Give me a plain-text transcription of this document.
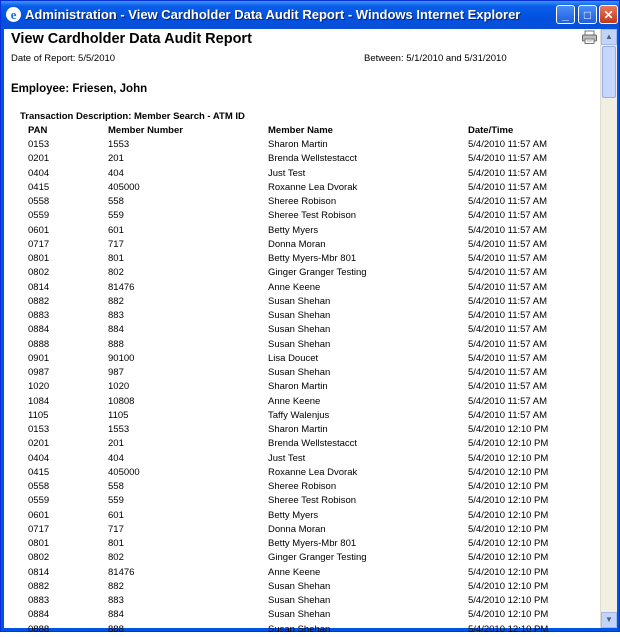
e Administration - View Cardholder Data Audit Report - Windows Internet Explorer	_	□	✕
View Cardholder Data Audit Report
Date of Report: 5/5/2010	Between: 5/1/2010 and 5/31/2010
Employee: Friesen, John
Transaction Description: Member Search - ATM ID
PAN	Member Number	Member Name	Date/Time
0153	1553	Sharon Martin	5/4/2010 11:57 AM
0201	201	Brenda Wellstestacct	5/4/2010 11:57 AM
0404	404	Just Test	5/4/2010 11:57 AM
0415	405000	Roxanne Lea Dvorak	5/4/2010 11:57 AM
0558	558	Sheree Robison	5/4/2010 11:57 AM
0559	559	Sheree Test Robison	5/4/2010 11:57 AM
0601	601	Betty Myers	5/4/2010 11:57 AM
0717	717	Donna Moran	5/4/2010 11:57 AM
0801	801	Betty Myers-Mbr 801	5/4/2010 11:57 AM
0802	802	Ginger Granger Testing	5/4/2010 11:57 AM
0814	81476	Anne Keene	5/4/2010 11:57 AM
0882	882	Susan Shehan	5/4/2010 11:57 AM
0883	883	Susan Shehan	5/4/2010 11:57 AM
0884	884	Susan Shehan	5/4/2010 11:57 AM
0888	888	Susan Shehan	5/4/2010 11:57 AM
0901	90100	Lisa Doucet	5/4/2010 11:57 AM
0987	987	Susan Shehan	5/4/2010 11:57 AM
1020	1020	Sharon Martin	5/4/2010 11:57 AM
1084	10808	Anne Keene	5/4/2010 11:57 AM
1105	1105	Taffy Walenjus	5/4/2010 11:57 AM
0153	1553	Sharon Martin	5/4/2010 12:10 PM
0201	201	Brenda Wellstestacct	5/4/2010 12:10 PM
0404	404	Just Test	5/4/2010 12:10 PM
0415	405000	Roxanne Lea Dvorak	5/4/2010 12:10 PM
0558	558	Sheree Robison	5/4/2010 12:10 PM
0559	559	Sheree Test Robison	5/4/2010 12:10 PM
0601	601	Betty Myers	5/4/2010 12:10 PM
0717	717	Donna Moran	5/4/2010 12:10 PM
0801	801	Betty Myers-Mbr 801	5/4/2010 12:10 PM
0802	802	Ginger Granger Testing	5/4/2010 12:10 PM
0814	81476	Anne Keene	5/4/2010 12:10 PM
0882	882	Susan Shehan	5/4/2010 12:10 PM
0883	883	Susan Shehan	5/4/2010 12:10 PM
0884	884	Susan Shehan	5/4/2010 12:10 PM
0888	888	Susan Shehan	5/4/2010 12:10 PM
▲
▼
